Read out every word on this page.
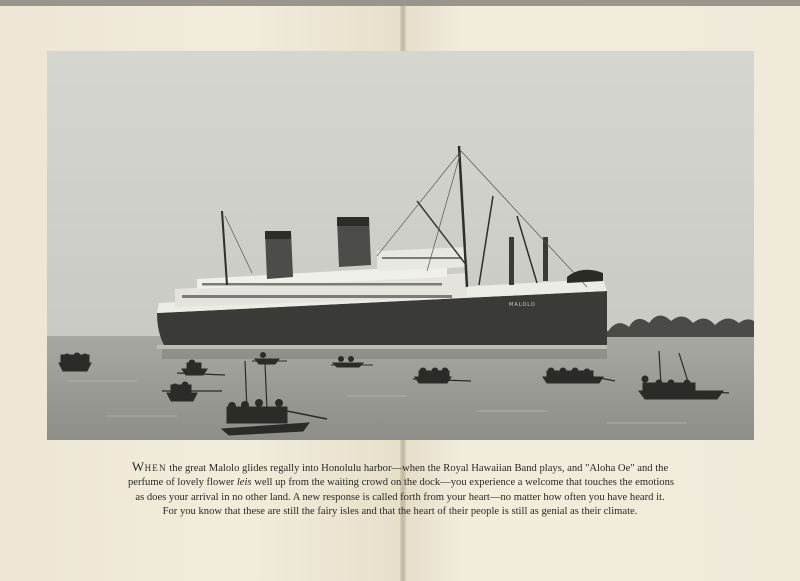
MALOLO

WHEN the great Malolo glides regally into Honolulu harbor—when the Royal Hawaiian Band plays, and "Aloha Oe" and the
perfume of lovely flower leis well up from the waiting crowd on the dock—you experience a welcome that touches the emotions
as does your arrival in no other land. A new response is called forth from your heart—no matter how often you have heard it.
For you know that these are still the fairy isles and that the heart of their people is still as genial as their climate.
